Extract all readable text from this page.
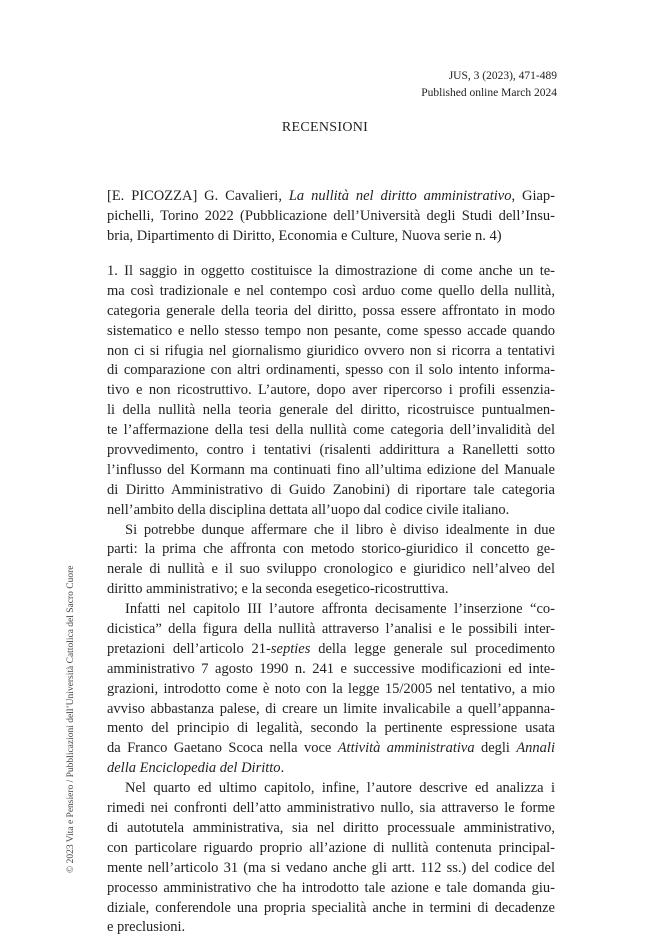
JUS, 3 (2023), 471-489
Published online March 2024
RECENSIONI
[E. PICOZZA] G. Cavalieri, La nullità nel diritto amministrativo, Giap-
pichelli, Torino 2022 (Pubblicazione dell’Università degli Studi dell’Insu-
bria, Dipartimento di Diritto, Economia e Culture, Nuova serie n. 4)
1. Il saggio in oggetto costituisce la dimostrazione di come anche un te-
ma così tradizionale e nel contempo così arduo come quello della nullità,
categoria generale della teoria del diritto, possa essere affrontato in modo
sistematico e nello stesso tempo non pesante, come spesso accade quando
non ci si rifugia nel giornalismo giuridico ovvero non si ricorra a tentativi
di comparazione con altri ordinamenti, spesso con il solo intento informa-
tivo e non ricostruttivo. L’autore, dopo aver ripercorso i profili essenzia-
li della nullità nella teoria generale del diritto, ricostruisce puntualmen-
te l’affermazione della tesi della nullità come categoria dell’invalidità del
provvedimento, contro i tentativi (risalenti addirittura a Ranelletti sotto
l’influsso del Kormann ma continuati fino all’ultima edizione del Manuale
di Diritto Amministrativo di Guido Zanobini) di riportare tale categoria
nell’ambito della disciplina dettata all’uopo dal codice civile italiano.
Si potrebbe dunque affermare che il libro è diviso idealmente in due
parti: la prima che affronta con metodo storico-giuridico il concetto ge-
nerale di nullità e il suo sviluppo cronologico e giuridico nell’alveo del
diritto amministrativo; e la seconda esegetico-ricostruttiva.
Infatti nel capitolo III l’autore affronta decisamente l’inserzione “co-
dicistica” della figura della nullità attraverso l’analisi e le possibili inter-
pretazioni dell’articolo 21-septies della legge generale sul procedimento
amministrativo 7 agosto 1990 n. 241 e successive modificazioni ed inte-
grazioni, introdotto come è noto con la legge 15/2005 nel tentativo, a mio
avviso abbastanza palese, di creare un limite invalicabile a quell’appanna-
mento del principio di legalità, secondo la pertinente espressione usata
da Franco Gaetano Scoca nella voce Attività amministrativa degli Annali
della Enciclopedia del Diritto.
Nel quarto ed ultimo capitolo, infine, l’autore descrive ed analizza i
rimedi nei confronti dell’atto amministrativo nullo, sia attraverso le forme
di autotutela amministrativa, sia nel diritto processuale amministrativo,
con particolare riguardo proprio all’azione di nullità contenuta principal-
mente nell’articolo 31 (ma si vedano anche gli artt. 112 ss.) del codice del
processo amministrativo che ha introdotto tale azione e tale domanda giu-
diziale, conferendole una propria specialità anche in termini di decadenze
e preclusioni.
© 2023 Vita e Pensiero / Pubblicazioni dell’Università Cattolica del Sacro Cuore
